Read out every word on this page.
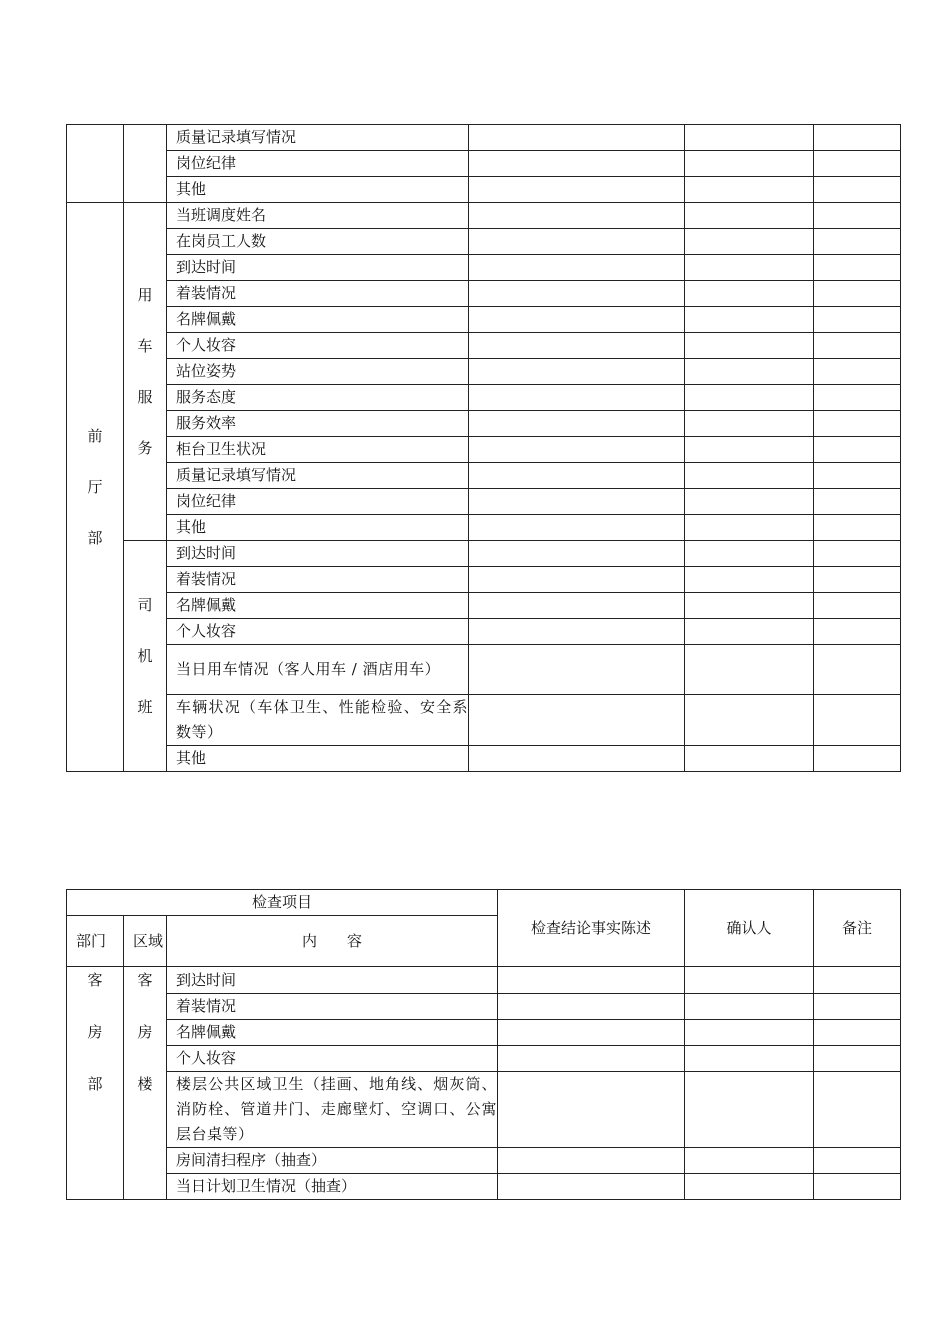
		质量记录填写情况			
		岗位纪律			
		其他			

前
厅
部	用
车
服
务	当班调度姓名			
		在岗员工人数			
		到达时间			
		着装情况			
		名牌佩戴			
		个人妆容			
		站位姿势			
		服务态度			
		服务效率			
		柜台卫生状况			
		质量记录填写情况			
		岗位纪律			
		其他			
	司
机
班	到达时间			
		着装情况			
		名牌佩戴			
		个人妆容			
		当日用车情况（客人用车 / 酒店用车）			
		车辆状况（车体卫生、性能检验、安全系数等）			
		其他			
检查项目			检查结论事实陈述	确认人	备注
部门	区域	内　　容			
客

房

部	客

房

楼	到达时间			
		着装情况			
		名牌佩戴			
		个人妆容			
		楼层公共区域卫生（挂画、地角线、烟灰筒、消防栓、管道井门、走廊壁灯、空调口、公寓层台桌等）			
		房间清扫程序（抽查）			
		当日计划卫生情况（抽查）			
